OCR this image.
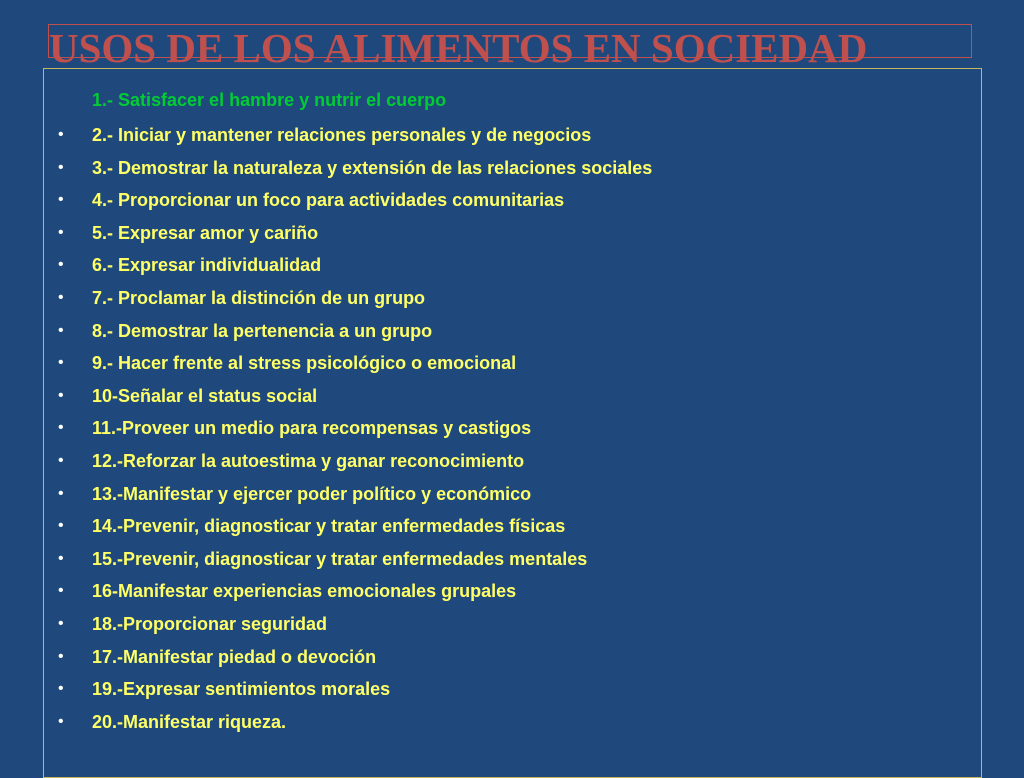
USOS DE LOS ALIMENTOS EN SOCIEDAD
1.- Satisfacer el hambre y nutrir el cuerpo
• 2.- Iniciar y mantener relaciones personales y de negocios
• 3.- Demostrar la naturaleza y extensión de las relaciones sociales
• 4.- Proporcionar un foco para actividades comunitarias
• 5.- Expresar amor y cariño
• 6.- Expresar individualidad
• 7.- Proclamar la distinción de un grupo
• 8.- Demostrar la pertenencia a un grupo
• 9.- Hacer frente al stress psicológico o emocional
• 10-Señalar el status social
• 11.-Proveer un medio para recompensas y castigos
• 12.-Reforzar la autoestima y ganar reconocimiento
• 13.-Manifestar y ejercer poder político y económico
• 14.-Prevenir, diagnosticar y tratar enfermedades físicas
• 15.-Prevenir, diagnosticar y tratar enfermedades mentales
• 16-Manifestar experiencias emocionales grupales
• 18.-Proporcionar seguridad
• 17.-Manifestar piedad o devoción
• 19.-Expresar sentimientos morales
• 20.-Manifestar riqueza.
